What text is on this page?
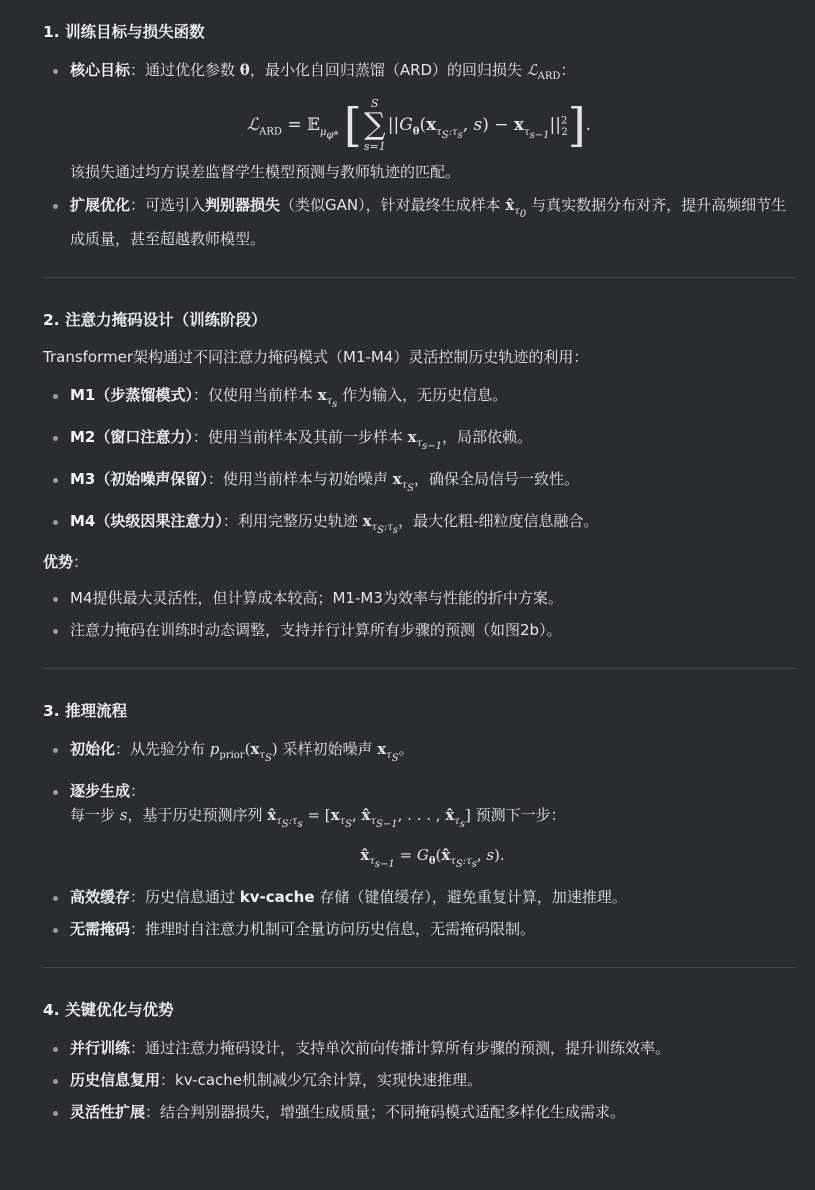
1. 训练目标与损失函数
核心目标：通过优化参数 θ，最小化自回归蒸馏（ARD）的回归损失 ℒ$_{ARD}$：
ℒ$_{ARD}$ = 𝔼$_{\mu_{\varphi*}}$ [ S
∑
$s=1||G_\theta(x_{\tau_S:\tau_s}$, $s) - x_{\tau_{s-1}}||^2_2$].

该损失通过均方误差监督学生模型预测与教师轨迹的匹配。

扩展优化：可选引入判别器损失（类似GAN），针对最终生成样本 $x̂_{\tau_0}$ 与真实数据分布对齐，提升高频细节生成质量，甚至超越教师模型。
2. 注意力掩码设计（训练阶段）

Transformer架构通过不同注意力掩码模式（M1-M4）灵活控制历史轨迹的利用：

M1（步蒸馏模式）：仅使用当前样本 $x_{\tau_s}$ 作为输入，无历史信息。
M2（窗口注意力）：使用当前样本及其前一步样本 $x_{\tau_{s-1}}$，局部依赖。
M3（初始噪声保留）：使用当前样本与初始噪声 $x_{\tau_S}$，确保全局信号一致性。
M4（块级因果注意力）：利用完整历史轨迹 $x_{\tau_S:\tau_s}$，最大化粗-细粒度信息融合。

优势：

M4提供最大灵活性，但计算成本较高；M1-M3为效率与性能的折中方案。
注意力掩码在训练时动态调整，支持并行计算所有步骤的预测（如图2b）。
3. 推理流程
初始化：从先验分布 $p_{prior}(x_{\tau_S})$ 采样初始噪声 $x_{\tau_S}$。
逐步生成：
每一步 s，基于历史预测序列 $x̂_{\tau_S:\tau_s} = [x_{\tau_S}$, $x̂_{\tau_{S-1}}$, . . . , $x̂_{\tau_s}$] 预测下一步：
$x̂_{\tau_{s-1}}$ = $G_\theta(x̂_{\tau_S:\tau_s}$, s).
高效缓存：历史信息通过 kv-cache 存储（键值缓存），避免重复计算，加速推理。
无需掩码：推理时自注意力机制可全量访问历史信息，无需掩码限制。
4. 关键优化与优势
并行训练：通过注意力掩码设计，支持单次前向传播计算所有步骤的预测，提升训练效率。
历史信息复用：kv-cache机制减少冗余计算，实现快速推理。
灵活性扩展：结合判别器损失，增强生成质量；不同掩码模式适配多样化生成需求。
